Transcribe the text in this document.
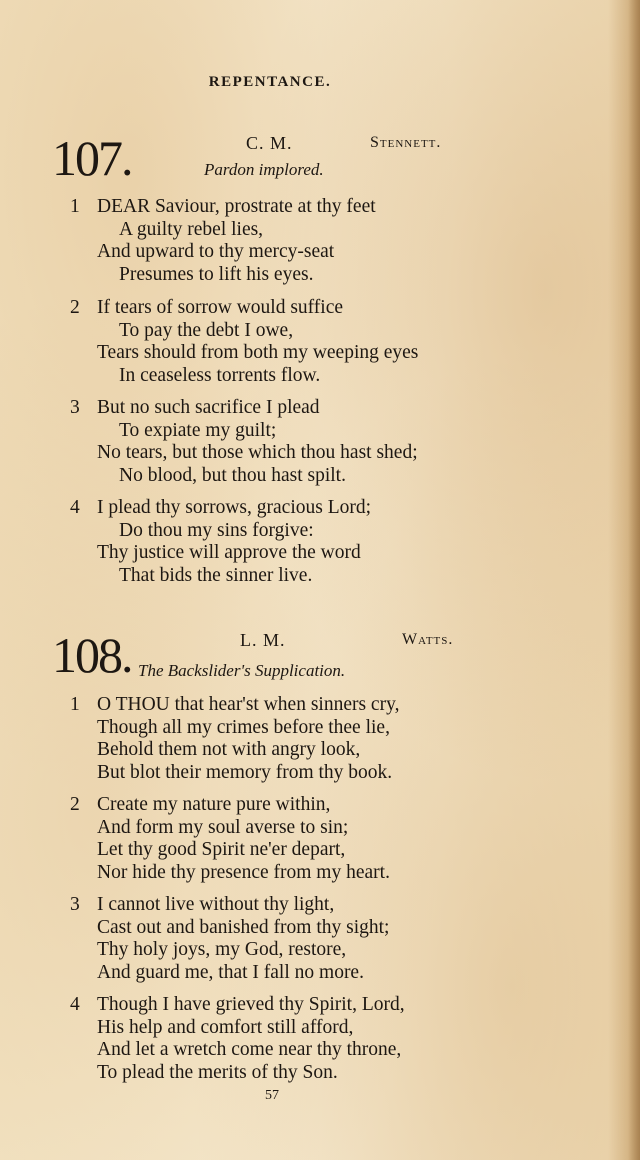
REPENTANCE.
107.	C. M.	Stennett.
Pardon implored.
1 DEAR Saviour, prostrate at thy feet
A guilty rebel lies,
And upward to thy mercy-seat
Presumes to lift his eyes.
2 If tears of sorrow would suffice
To pay the debt I owe,
Tears should from both my weeping eyes
In ceaseless torrents flow.
3 But no such sacrifice I plead
To expiate my guilt;
No tears, but those which thou hast shed;
No blood, but thou hast spilt.
4 I plead thy sorrows, gracious Lord;
Do thou my sins forgive:
Thy justice will approve the word
That bids the sinner live.
108.	L. M.	Watts.
The Backslider's Supplication.
1 O THOU that hear'st when sinners cry,
Though all my crimes before thee lie,
Behold them not with angry look,
But blot their memory from thy book.
2 Create my nature pure within,
And form my soul averse to sin;
Let thy good Spirit ne'er depart,
Nor hide thy presence from my heart.
3 I cannot live without thy light,
Cast out and banished from thy sight;
Thy holy joys, my God, restore,
And guard me, that I fall no more.
4 Though I have grieved thy Spirit, Lord,
His help and comfort still afford,
And let a wretch come near thy throne,
To plead the merits of thy Son.
57
